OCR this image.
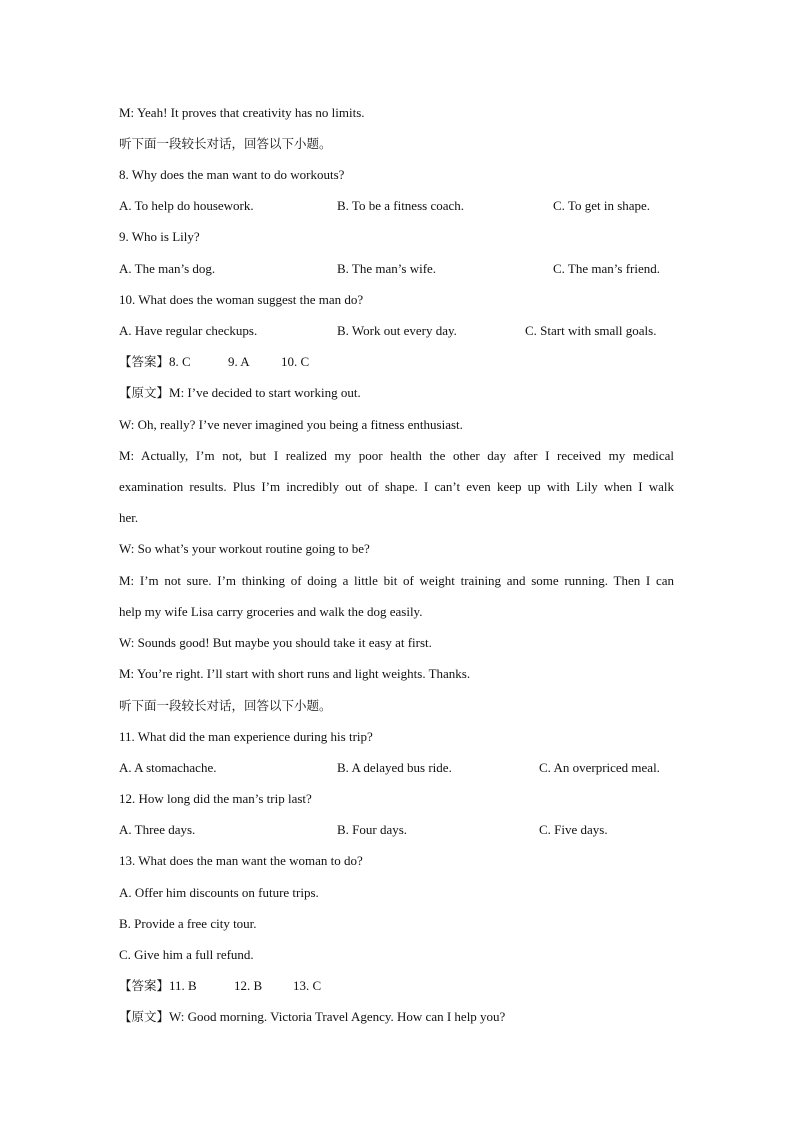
M: Yeah! It proves that creativity has no limits.
听下面一段较长对话，回答以下小题。
8. Why does the man want to do workouts?
A. To help do housework.	B. To be a fitness coach.	C. To get in shape.
9. Who is Lily?
A. The man’s dog.	B. The man’s wife.	C. The man’s friend.
10. What does the woman suggest the man do?
A. Have regular checkups.	B. Work out every day.	C. Start with small goals.
【答案】8. C	9. A 10. C
【原文】M: I’ve decided to start working out.
W: Oh, really? I’ve never imagined you being a fitness enthusiast.
M: Actually, I’m not, but I realized my poor health the other day after I received my medical
examination results. Plus I’m incredibly out of shape. I can’t even keep up with Lily when I walk
her.
W: So what’s your workout routine going to be?
M: I’m not sure. I’m thinking of doing a little bit of weight training and some running. Then I can
help my wife Lisa carry groceries and walk the dog easily.
W: Sounds good! But maybe you should take it easy at first.
M: You’re right. I’ll start with short runs and light weights. Thanks.
听下面一段较长对话，回答以下小题。
11. What did the man experience during his trip?
A. A stomachache.	B. A delayed bus ride.	C. An overpriced meal.
12. How long did the man’s trip last?
A. Three days.	B. Four days.	C. Five days.
13. What does the man want the woman to do?
A. Offer him discounts on future trips.
B. Provide a free city tour.
C. Give him a full refund.
【答案】11. B	12. B 13. C
【原文】W: Good morning. Victoria Travel Agency. How can I help you?
